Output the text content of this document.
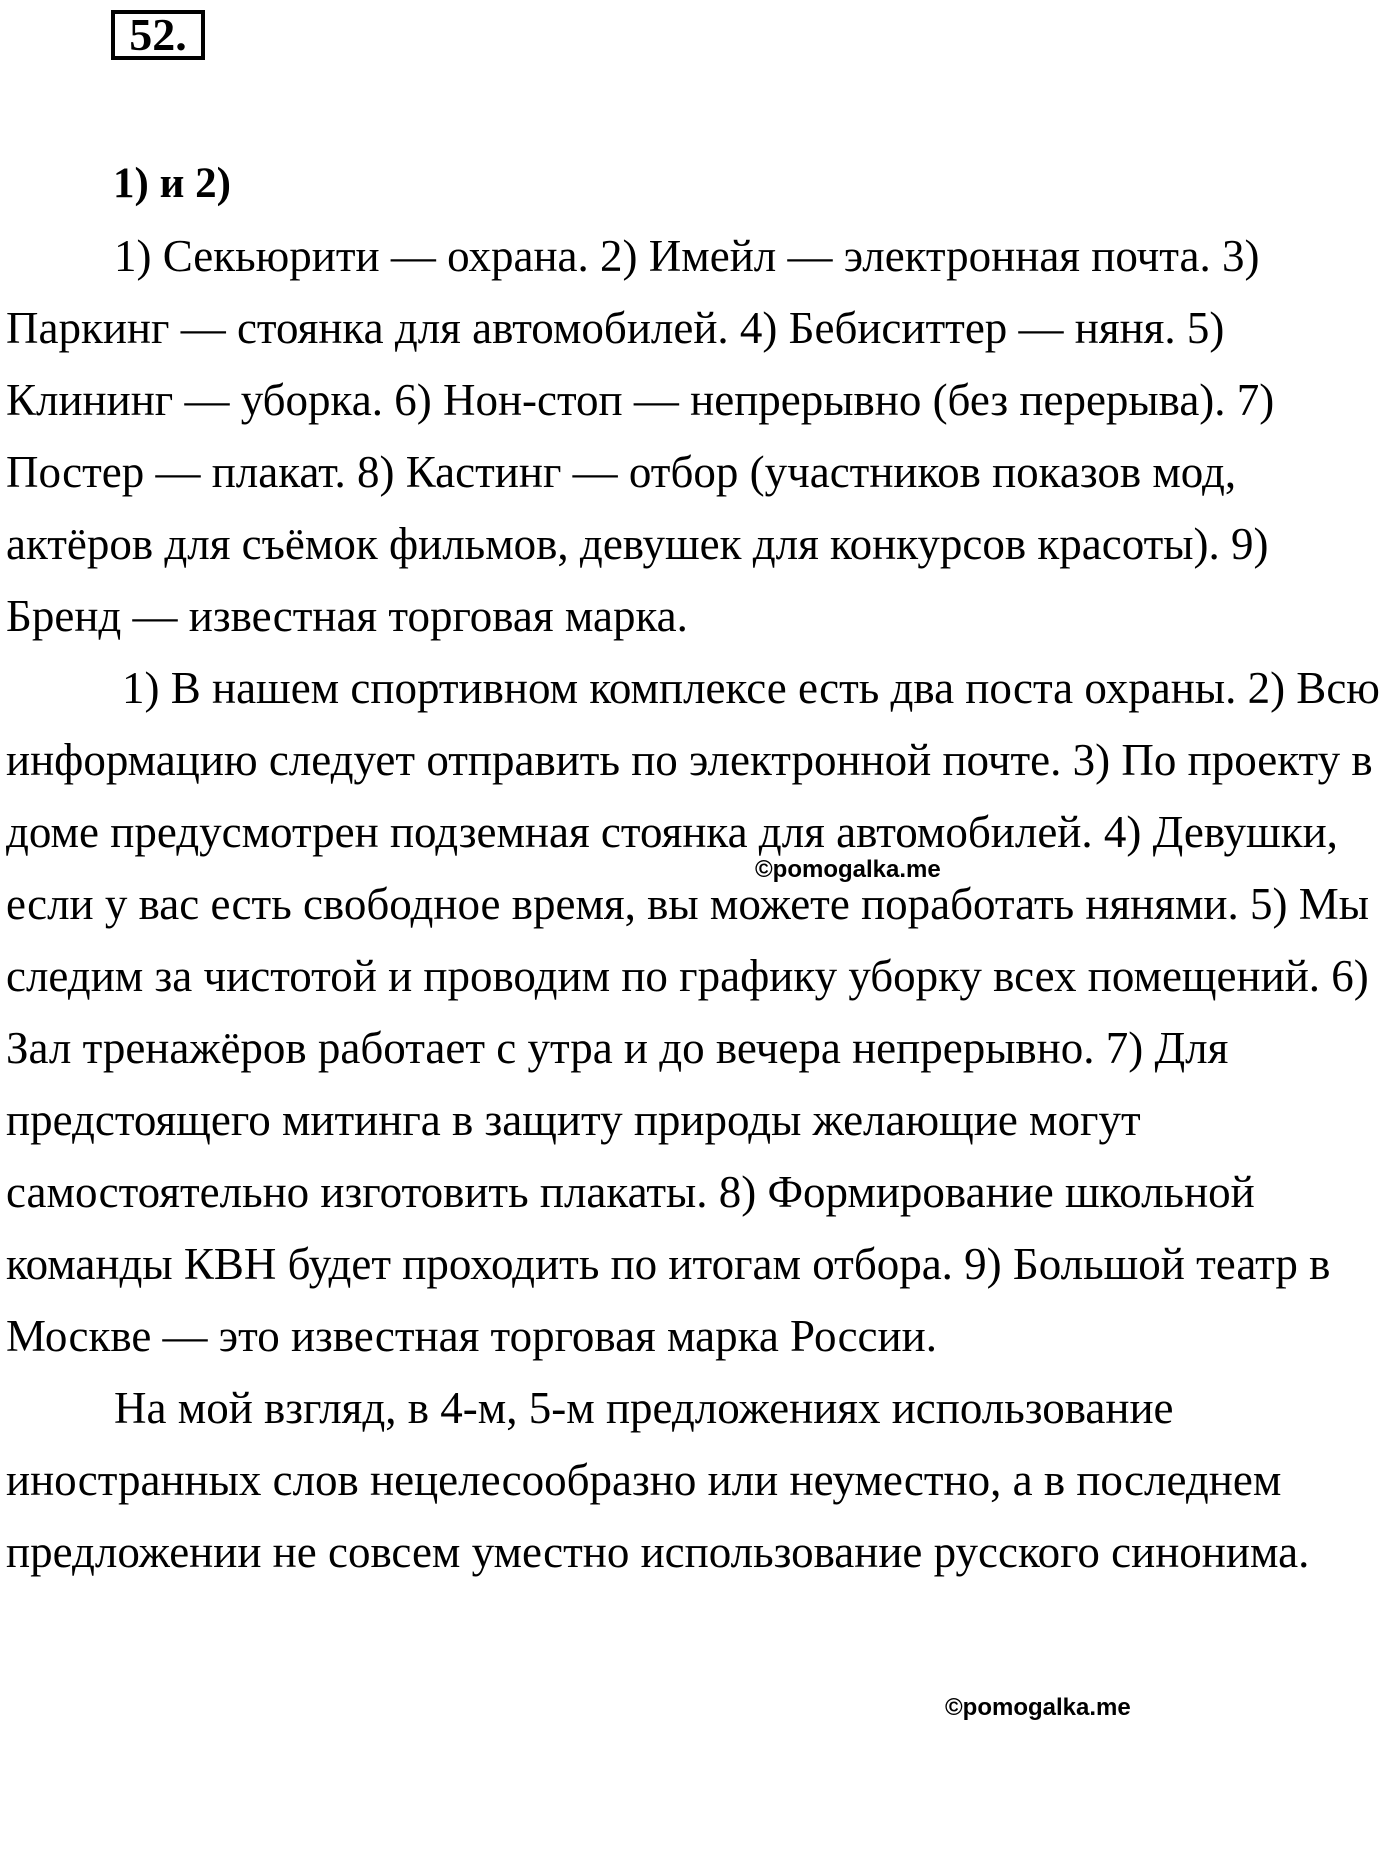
52.
1) и 2)

1) Секьюрити — охрана. 2) Имейл — электронная почта. 3) Паркинг — стоянка для автомобилей. 4) Бебиситтер — няня. 5) Клининг — уборка. 6) Нон-стоп — непрерывно (без перерыва). 7) Постер — плакат. 8) Кастинг — отбор (участников показов мод, актёров для съёмок фильмов, девушек для конкурсов красоты). 9) Бренд — известная торговая марка.

1) В нашем спортивном комплексе есть два поста охраны. 2) Всю информацию следует отправить по электронной почте. 3) По проекту в доме предусмотрен подземная стоянка для автомобилей. 4) Девушки, если у вас есть свободное время, вы можете поработать нянями. 5) Мы следим за чистотой и проводим по графику уборку всех помещений. 6) Зал тренажёров работает с утра и до вечера непрерывно. 7) Для предстоящего митинга в защиту природы желающие могут самостоятельно изготовить плакаты. 8) Формирование школьной команды КВН будет проходить по итогам отбора. 9) Большой театр в Москве — это известная торговая марка России.

На мой взгляд, в 4-м, 5-м предложениях использование иностранных слов нецелесообразно или неуместно, а в последнем предложении не совсем уместно использование русского синонима.

©pomogalka.me
©pomogalka.me
